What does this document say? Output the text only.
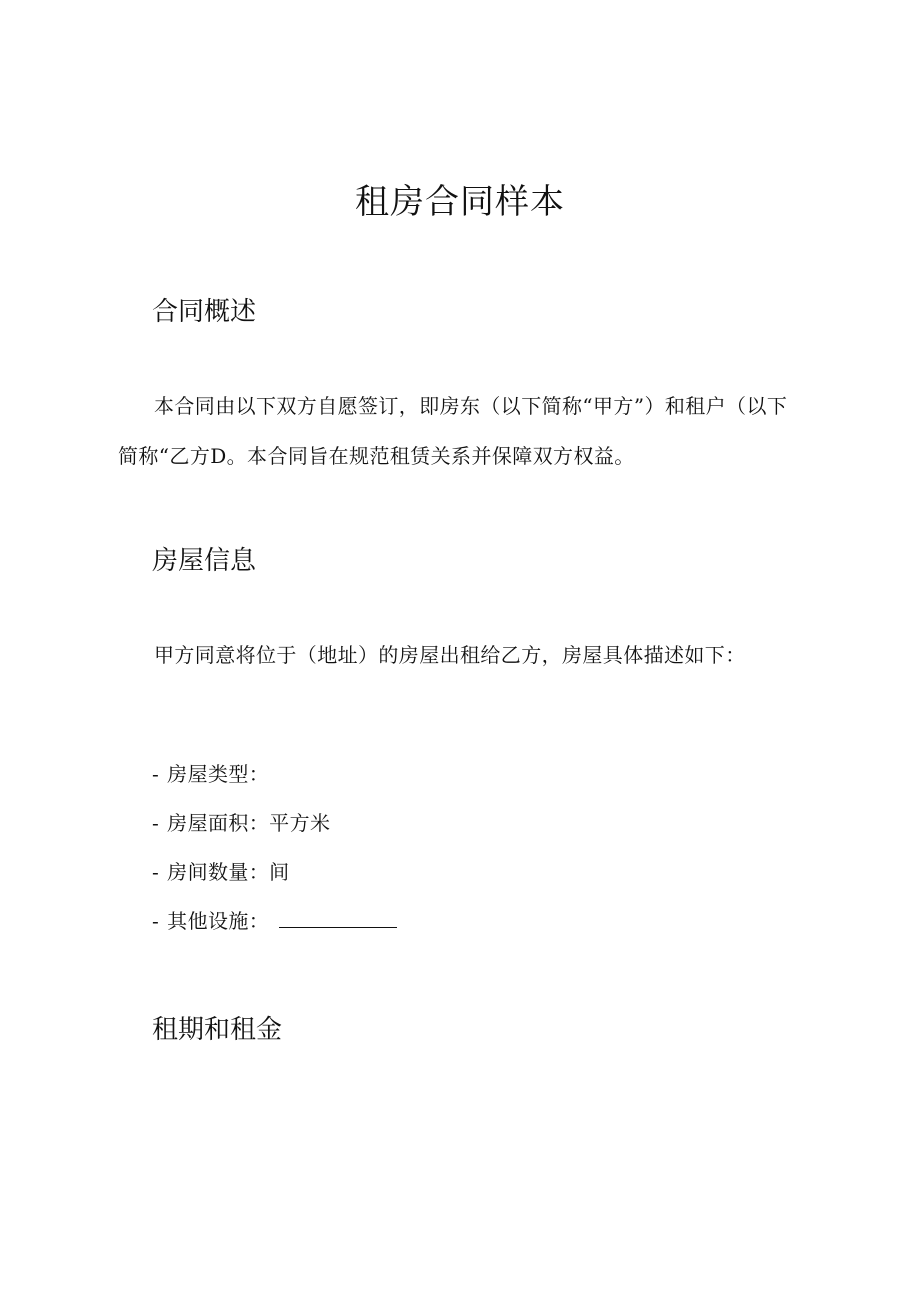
租房合同样本
合同概述

本合同由以下双方自愿签订，即房东（以下简称“甲方”）和租户（以下简称“乙方D。本合同旨在规范租赁关系并保障双方权益。

房屋信息

甲方同意将位于（地址）的房屋出租给乙方，房屋具体描述如下：

- 房屋类型：
- 房屋面积：平方米
- 房间数量：间
- 其他设施：
租期和租金
